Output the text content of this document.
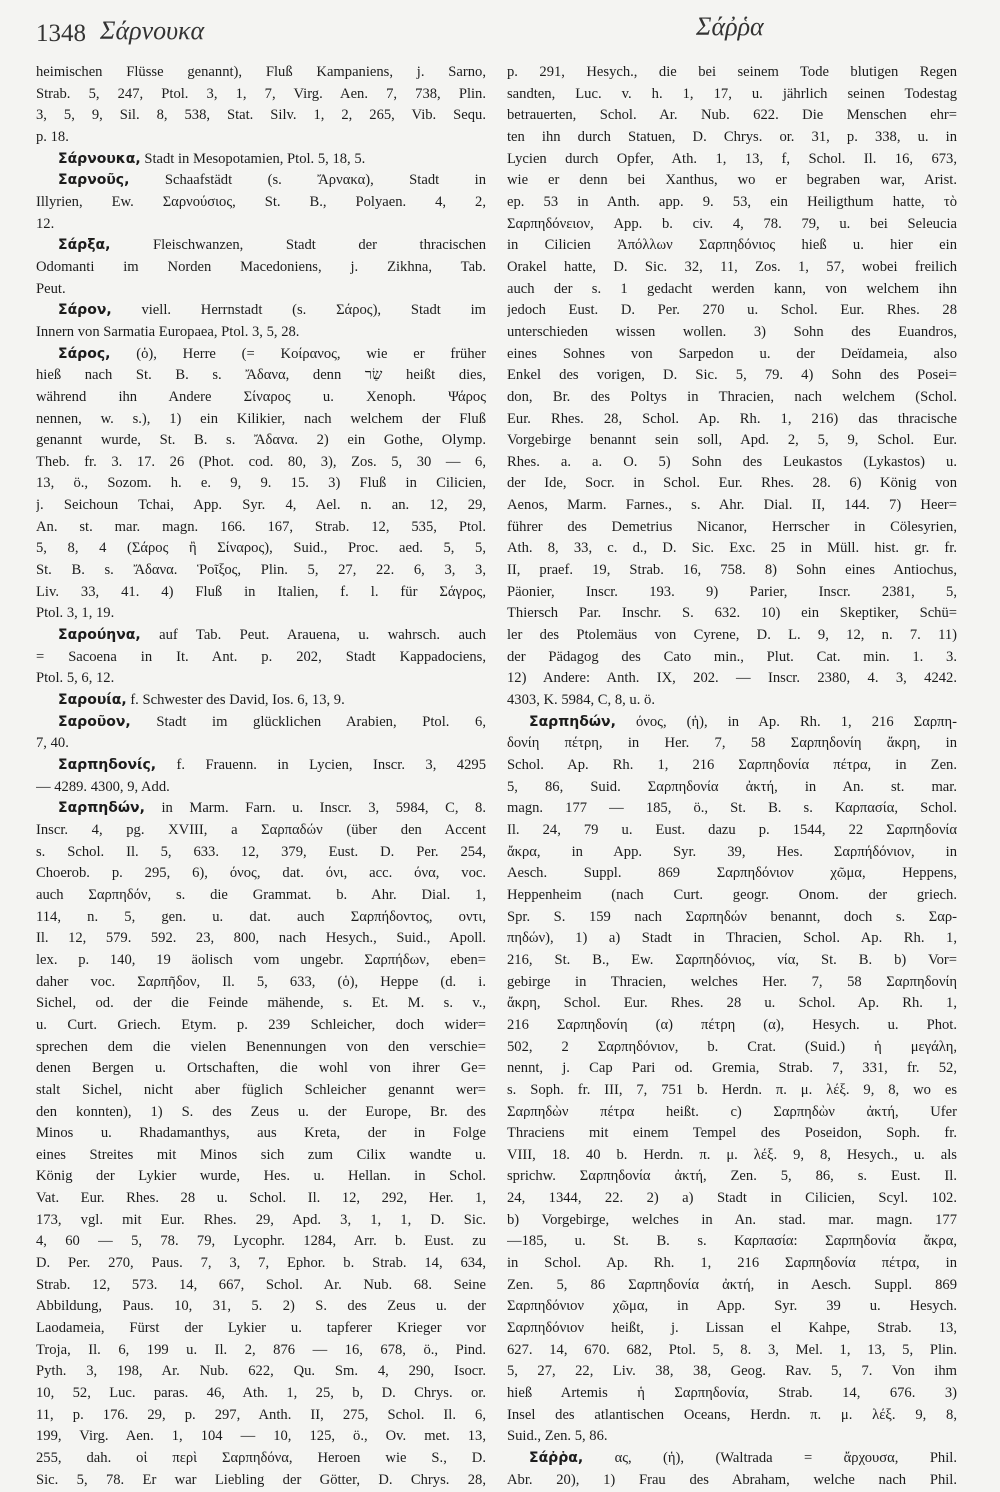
1348 Σάρνουκα	Σάῤῥα
heimischen Flüsse genannt), Fluß Kampaniens, j. Sarno,
Strab. 5, 247, Ptol. 3, 1, 7, Virg. Aen. 7, 738, Plin.
3, 5, 9, Sil. 8, 538, Stat. Silv. 1, 2, 265, Vib. Sequ.
p. 18.
Σάρνουκα, Stadt in Mesopotamien, Ptol. 5, 18, 5.
Σαρνοῦς, Schaafstädt (s. Ἄρνακα), Stadt in
Illyrien, Ew. Σαρνούσιος, St. B., Polyaen. 4, 2,
12.
Σάρξα, Fleischwanzen, Stadt der thracischen
Odomanti im Norden Macedoniens, j. Zikhna, Tab.
Peut.
Σάρον, viell. Herrnstadt (s. Σάρος), Stadt im
Innern von Sarmatia Europaea, Ptol. 3, 5, 28.
Σάρος, (ὁ), Herre (= Κοίρανος, wie er früher
hieß nach St. B. s. Ἄδανα, denn שַׂר heißt dies,
während ihn Andere Σίναρος u. Xenoph. Ψάρος
nennen, w. s.), 1) ein Kilikier, nach welchem der Fluß
genannt wurde, St. B. s. Ἄδανα. 2) ein Gothe, Olymp.
Theb. fr. 3. 17. 26 (Phot. cod. 80, 3), Zos. 5, 30 — 6,
13, ö., Sozom. h. e. 9, 9. 15. 3) Fluß in Cilicien,
j. Seichoun Tchai, App. Syr. 4, Ael. n. an. 12, 29,
An. st. mar. magn. 166. 167, Strab. 12, 535, Ptol.
5, 8, 4 (Σάρος ἢ Σίναρος), Suid., Proc. aed. 5, 5,
St. B. s. Ἄδανα. Ῥοῖξος, Plin. 5, 27, 22. 6, 3, 3,
Liv. 33, 41. 4) Fluß in Italien, f. l. für Σάγρος,
Ptol. 3, 1, 19.
Σαρούηνα, auf Tab. Peut. Arauena, u. wahrsch. auch
= Sacoena in It. Ant. p. 202, Stadt Kappadociens,
Ptol. 5, 6, 12.
Σαρουία, f. Schwester des David, Ios. 6, 13, 9.
Σαροῦον, Stadt im glücklichen Arabien, Ptol. 6,
7, 40.
Σαρπηδονίς, f. Frauenn. in Lycien, Inscr. 3, 4295
— 4289. 4300, 9, Add.
Σαρπηδών, in Marm. Farn. u. Inscr. 3, 5984, C, 8.
Inscr. 4, pg. XVIII, a Σαρπαδών (über den Accent
s. Schol. Il. 5, 633. 12, 379, Eust. D. Per. 254,
Choerob. p. 295, 6), όνος, dat. όνι, acc. όνα, voc.
auch Σαρπηδόν, s. die Grammat. b. Ahr. Dial. 1,
114, n. 5, gen. u. dat. auch Σαρπήδοντος, οντι,
Il. 12, 579. 592. 23, 800, nach Hesych., Suid., Apoll.
lex. p. 140, 19 äolisch vom ungebr. Σαρπήδων, eben=
daher voc. Σαρπῆδον, Il. 5, 633, (ὁ), Heppe (d. i.
Sichel, od. der die Feinde mähende, s. Et. M. s. v.,
u. Curt. Griech. Etym. p. 239 Schleicher, doch wider=
sprechen dem die vielen Benennungen von den verschie=
denen Bergen u. Ortschaften, die wohl von ihrer Ge=
stalt Sichel, nicht aber füglich Schleicher genannt wer=
den konnten), 1) S. des Zeus u. der Europe, Br. des
Minos u. Rhadamanthys, aus Kreta, der in Folge
eines Streites mit Minos sich zum Cilix wandte u.
König der Lykier wurde, Hes. u. Hellan. in Schol.
Vat. Eur. Rhes. 28 u. Schol. Il. 12, 292, Her. 1,
173, vgl. mit Eur. Rhes. 29, Apd. 3, 1, 1, D. Sic.
4, 60 — 5, 78. 79, Lycophr. 1284, Arr. b. Eust. zu
D. Per. 270, Paus. 7, 3, 7, Ephor. b. Strab. 14, 634,
Strab. 12, 573. 14, 667, Schol. Ar. Nub. 68. Seine
Abbildung, Paus. 10, 31, 5. 2) S. des Zeus u. der
Laodameia, Fürst der Lykier u. tapferer Krieger vor
Troja, Il. 6, 199 u. Il. 2, 876 — 16, 678, ö., Pind.
Pyth. 3, 198, Ar. Nub. 622, Qu. Sm. 4, 290, Isocr.
10, 52, Luc. paras. 46, Ath. 1, 25, b, D. Chrys. or.
11, p. 176. 29, p. 297, Anth. II, 275, Schol. Il. 6,
199, Virg. Aen. 1, 104 — 10, 125, ö., Ov. met. 13,
255, dah. οἱ περὶ Σαρπηδόνα, Heroen wie S., D.
Sic. 5, 78. Er war Liebling der Götter, D. Chrys. 28,
p. 291, Hesych., die bei seinem Tode blutigen Regen
sandten, Luc. v. h. 1, 17, u. jährlich seinen Todestag
betrauerten, Schol. Ar. Nub. 622. Die Menschen ehr=
ten ihn durch Statuen, D. Chrys. or. 31, p. 338, u. in
Lycien durch Opfer, Ath. 1, 13, f, Schol. Il. 16, 673,
wie er denn bei Xanthus, wo er begraben war, Arist.
ep. 53 in Anth. app. 9. 53, ein Heiligthum hatte, τὸ
Σαρπηδόνειον, App. b. civ. 4, 78. 79, u. bei Seleucia
in Cilicien Ἀπόλλων Σαρπηδόνιος hieß u. hier ein
Orakel hatte, D. Sic. 32, 11, Zos. 1, 57, wobei freilich
auch der s. 1 gedacht werden kann, von welchem ihn
jedoch Eust. D. Per. 270 u. Schol. Eur. Rhes. 28
unterschieden wissen wollen. 3) Sohn des Euandros,
eines Sohnes von Sarpedon u. der Deïdameia, also
Enkel des vorigen, D. Sic. 5, 79. 4) Sohn des Posei=
don, Br. des Poltys in Thracien, nach welchem (Schol.
Eur. Rhes. 28, Schol. Ap. Rh. 1, 216) das thracische
Vorgebirge benannt sein soll, Apd. 2, 5, 9, Schol. Eur.
Rhes. a. a. O. 5) Sohn des Leukastos (Lykastos) u.
der Ide, Socr. in Schol. Eur. Rhes. 28. 6) König von
Aenos, Marm. Farnes., s. Ahr. Dial. II, 144. 7) Heer=
führer des Demetrius Nicanor, Herrscher in Cölesyrien,
Ath. 8, 33, c. d., D. Sic. Exc. 25 in Müll. hist. gr. fr.
II, praef. 19, Strab. 16, 758. 8) Sohn eines Antiochus,
Päonier, Inscr. 193. 9) Parier, Inscr. 2381, 5,
Thiersch Par. Inschr. S. 632. 10) ein Skeptiker, Schü=
ler des Ptolemäus von Cyrene, D. L. 9, 12, n. 7. 11)
der Pädagog des Cato min., Plut. Cat. min. 1. 3.
12) Andere: Anth. IX, 202. — Inscr. 2380, 4. 3, 4242.
4303, K. 5984, C, 8, u. ö.
Σαρπηδών, όνος, (ἡ), in Ap. Rh. 1, 216 Σαρπη-
δονίη πέτρη, in Her. 7, 58 Σαρπηδονίη ἄκρη, in
Schol. Ap. Rh. 1, 216 Σαρπηδονία πέτρα, in Zen.
5, 86, Suid. Σαρπηδονία ἀκτή, in An. st. mar.
magn. 177 — 185, ö., St. B. s. Καρπασία, Schol.
Il. 24, 79 u. Eust. dazu p. 1544, 22 Σαρπηδονία
ἄκρα, in App. Syr. 39, Hes. Σαρπήδόνιον, in
Aesch. Suppl. 869 Σαρπηδόνιον χῶμα, Heppens,
Heppenheim (nach Curt. geogr. Onom. der griech.
Spr. S. 159 nach Σαρπηδών benannt, doch s. Σαρ-
πηδών), 1) a) Stadt in Thracien, Schol. Ap. Rh. 1,
216, St. B., Ew. Σαρπηδόνιος, νία, St. B. b) Vor=
gebirge in Thracien, welches Her. 7, 58 Σαρπηδονίη
ἄκρη, Schol. Eur. Rhes. 28 u. Schol. Ap. Rh. 1,
216 Σαρπηδονίη (α) πέτρη (α), Hesych. u. Phot.
502, 2 Σαρπηδόνιον, b. Crat. (Suid.) ἡ μεγάλη,
nennt, j. Cap Pari od. Gremia, Strab. 7, 331, fr. 52,
s. Soph. fr. III, 7, 751 b. Herdn. π. μ. λέξ. 9, 8, wo es
Σαρπηδὼν πέτρα heißt. c) Σαρπηδὼν ἀκτή, Ufer
Thraciens mit einem Tempel des Poseidon, Soph. fr.
VIII, 18. 40 b. Herdn. π. μ. λέξ. 9, 8, Hesych., u. als
sprichw. Σαρπηδονία ἀκτή, Zen. 5, 86, s. Eust. Il.
24, 1344, 22. 2) a) Stadt in Cilicien, Scyl. 102.
b) Vorgebirge, welches in An. stad. mar. magn. 177
—185, u. St. B. s. Καρπασία: Σαρπηδονία ἄκρα,
in Schol. Ap. Rh. 1, 216 Σαρπηδονία πέτρα, in
Zen. 5, 86 Σαρπηδονία ἀκτή, in Aesch. Suppl. 869
Σαρπηδόνιον χῶμα, in App. Syr. 39 u. Hesych.
Σαρπηδόνιον heißt, j. Lissan el Kahpe, Strab. 13,
627. 14, 670. 682, Ptol. 5, 8. 3, Mel. 1, 13, 5, Plin.
5, 27, 22, Liv. 38, 38, Geog. Rav. 5, 7. Von ihm
hieß Artemis ἡ Σαρπηδονία, Strab. 14, 676. 3)
Insel des atlantischen Oceans, Herdn. π. μ. λέξ. 9, 8,
Suid., Zen. 5, 86.
Σάῤῥα, ας, (ἡ), (Waltrada = ἄρχουσα, Phil.
Abr. 20), 1) Frau des Abraham, welche nach Phil.
